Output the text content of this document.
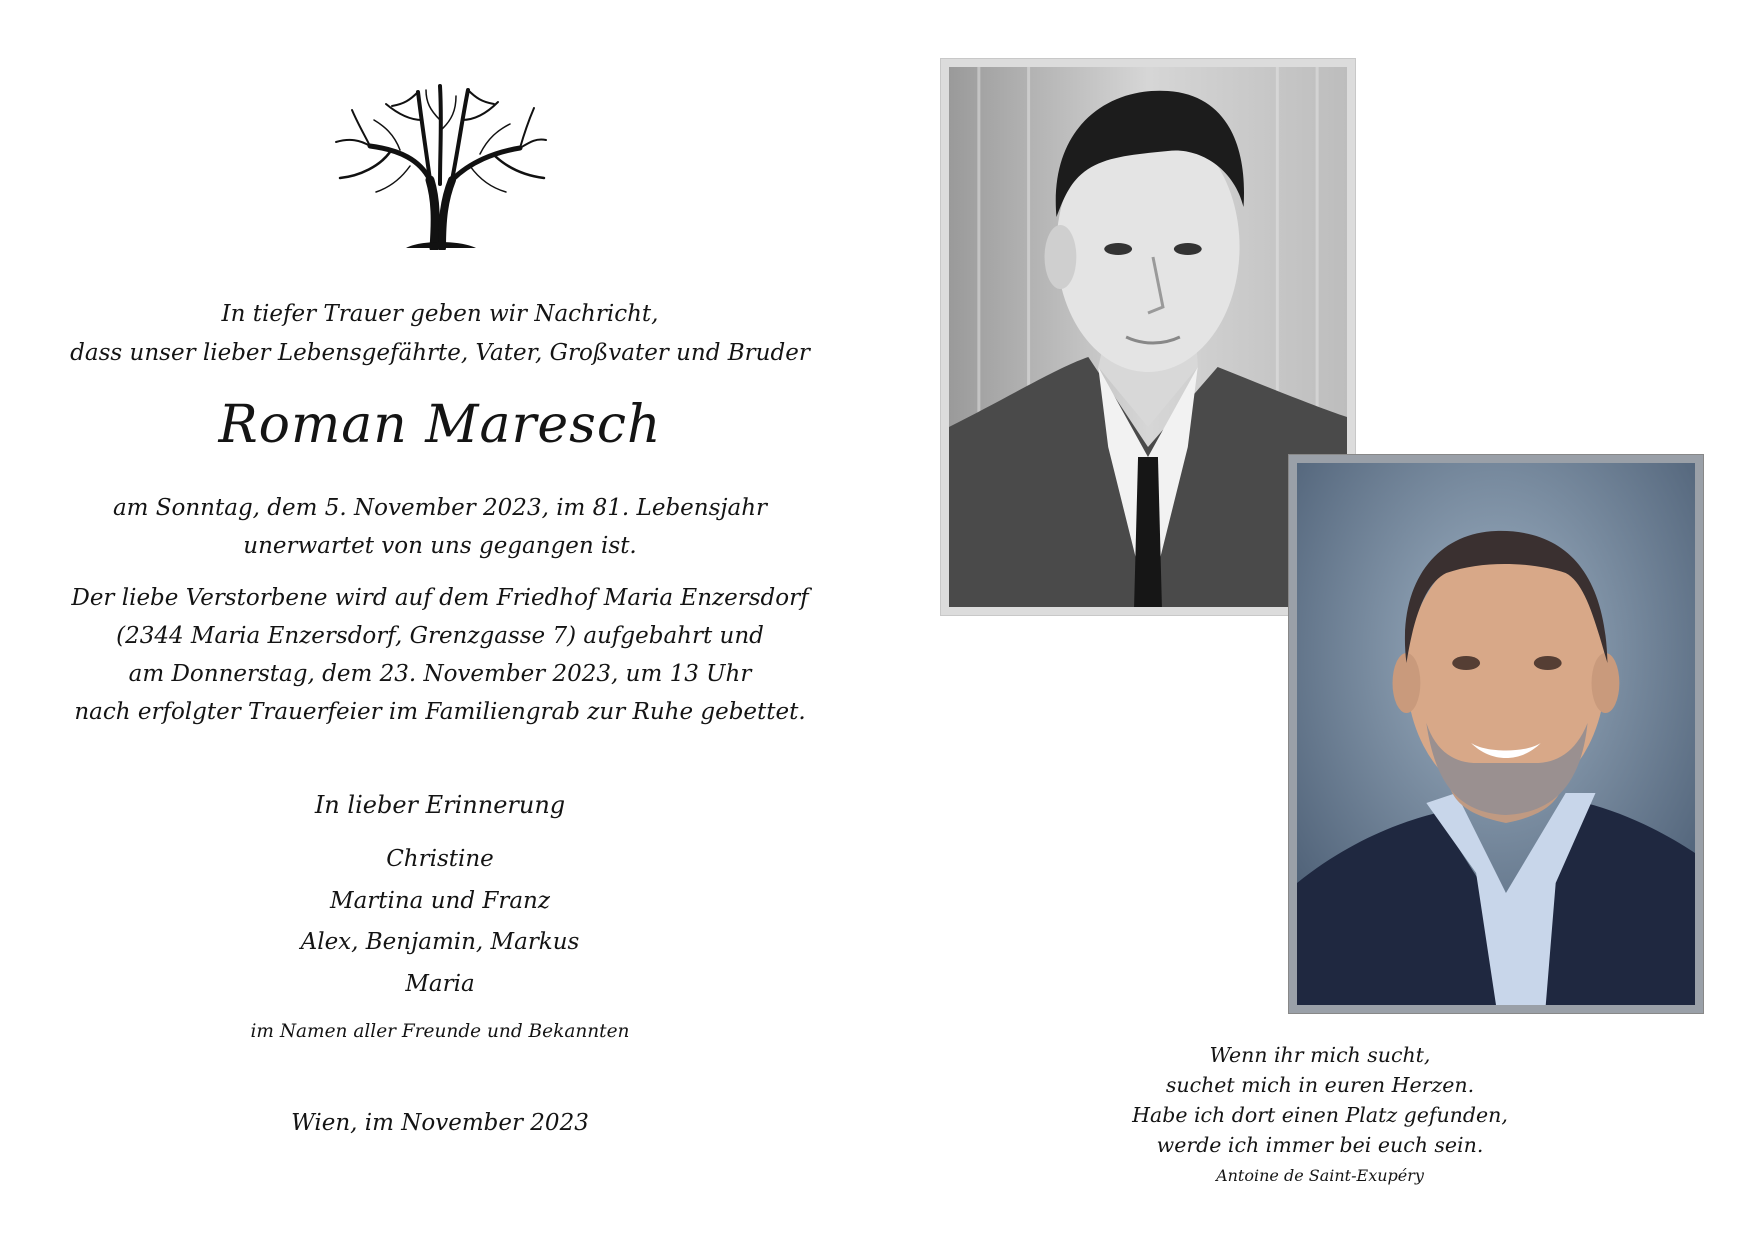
In tiefer Trauer geben wir Nachricht,
dass unser lieber Lebensgefährte, Vater, Großvater und Bruder
Roman Maresch
am Sonntag, dem 5. November 2023, im 81. Lebensjahr
unerwartet von uns gegangen ist.
Der liebe Verstorbene wird auf dem Friedhof Maria Enzersdorf
(2344 Maria Enzersdorf, Grenzgasse 7) aufgebahrt und
am Donnerstag, dem 23. November 2023, um 13 Uhr
nach erfolgter Trauerfeier im Familiengrab zur Ruhe gebettet.
In lieber Erinnerung
Christine
Martina und Franz
Alex, Benjamin, Markus
Maria
im Namen aller Freunde und Bekannten
Wien, im November 2023
Wenn ihr mich sucht,
suchet mich in euren Herzen.
Habe ich dort einen Platz gefunden,
werde ich immer bei euch sein.
Antoine de Saint-Exupéry
